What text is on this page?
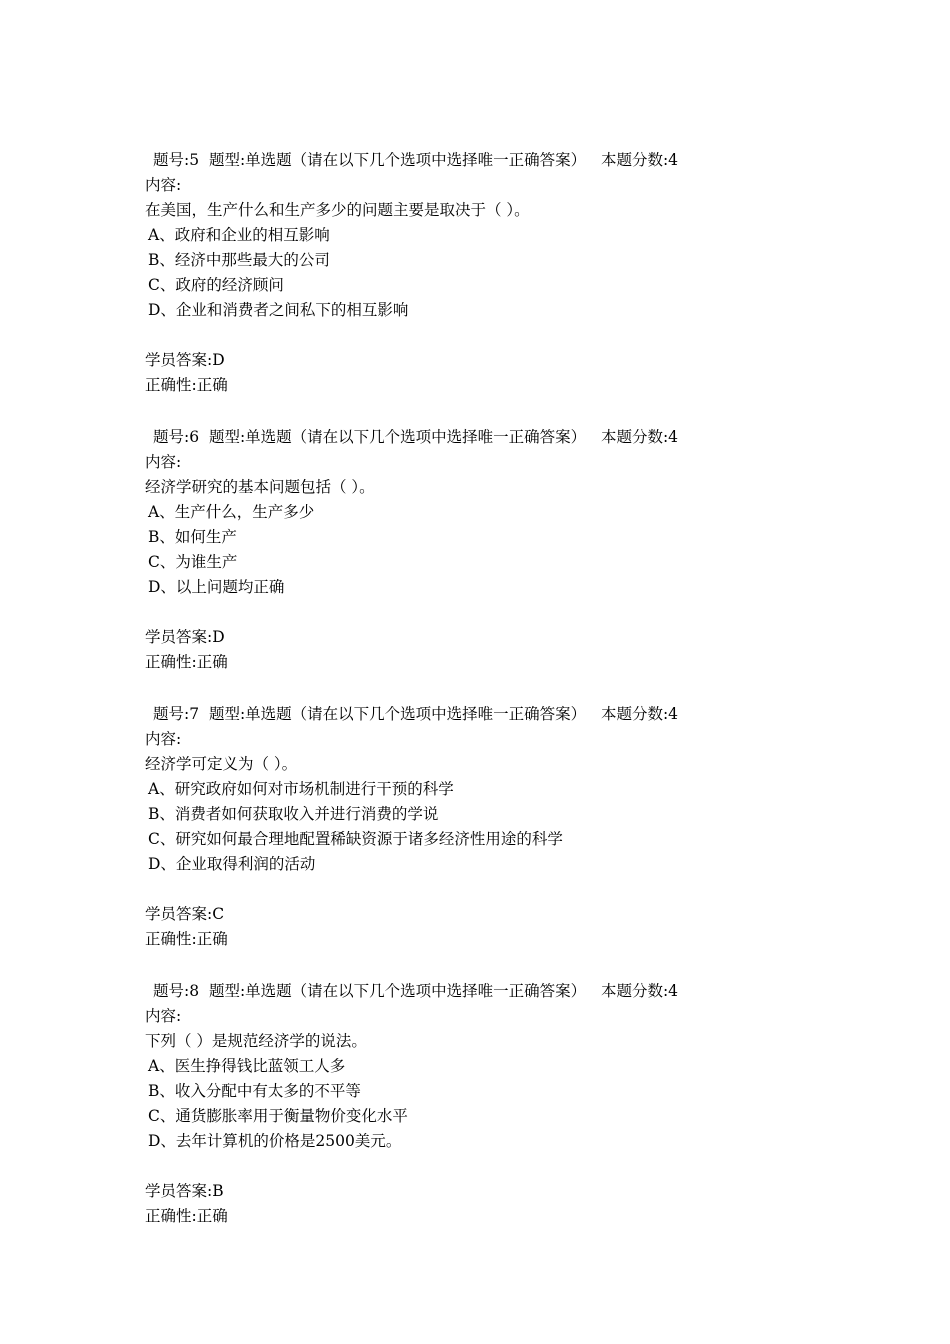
题号:5  题型:单选题（请在以下几个选项中选择唯一正确答案）   本题分数:4
内容:
在美国，生产什么和生产多少的问题主要是取决于（ ）。
A、政府和企业的相互影响
B、经济中那些最大的公司
C、政府的经济顾问
D、企业和消费者之间私下的相互影响
学员答案:D
正确性:正确
题号:6  题型:单选题（请在以下几个选项中选择唯一正确答案）   本题分数:4
内容:
经济学研究的基本问题包括（ ）。
A、生产什么，生产多少
B、如何生产
C、为谁生产
D、以上问题均正确
学员答案:D
正确性:正确
题号:7  题型:单选题（请在以下几个选项中选择唯一正确答案）   本题分数:4
内容:
经济学可定义为（ ）。
A、研究政府如何对市场机制进行干预的科学
B、消费者如何获取收入并进行消费的学说
C、研究如何最合理地配置稀缺资源于诸多经济性用途的科学
D、企业取得利润的活动
学员答案:C
正确性:正确
题号:8  题型:单选题（请在以下几个选项中选择唯一正确答案）   本题分数:4
内容:
下列（ ）是规范经济学的说法。
A、医生挣得钱比蓝领工人多
B、收入分配中有太多的不平等
C、通货膨胀率用于衡量物价变化水平
D、去年计算机的价格是2500美元。
学员答案:B
正确性:正确
